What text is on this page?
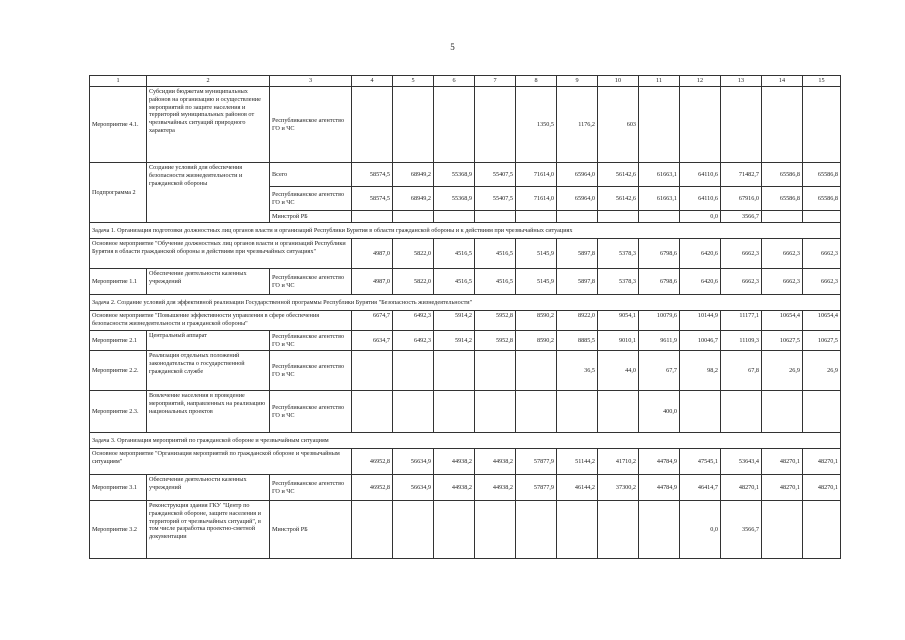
5
1	2	3	4	5	6	7	8	9	10	11	12	13	14	15
Мероприятие 4.1.	Субсидии бюджетам муниципальных районов на организацию и осуществление мероприятий по защите населения и территорий муниципальных районов от чрезвычайных ситуаций природного характера	Республиканское агентство ГО и ЧС					1350,5	1176,2	603					
Подпрограмма 2	Создание условий для обеспечения безопасности жизнедеятельности и гражданской обороны	Всего	58574,5	68949,2	55368,9	55407,5	71614,0	65964,0	56142,6	61663,1	64110,6	71482,7	65586,8	65586,8
		Республиканское агентство ГО и ЧС	58574,5	68949,2	55368,9	55407,5	71614,0	65964,0	56142,6	61663,1	64110,6	67916,0	65586,8	65586,8
		Минстрой РБ									0,0	3566,7		
Задача 1. Организация подготовки должностных лиц органов власти и организаций Республики Бурятия в области гражданской обороны и к действиям при чрезвычайных ситуациях														
Основное мероприятие "Обучение должностных лиц органов власти и организаций Республики Бурятия в области гражданской обороны и действиям при чрезвычайных ситуациях"			4987,0	5822,0	4516,5	4516,5	5145,9	5897,8	5378,3	6798,6	6420,6	6662,3	6662,3	6662,3
Мероприятие 1.1	Обеспечение деятельности казенных учреждений	Республиканское агентство ГО и ЧС	4987,0	5822,0	4516,5	4516,5	5145,9	5897,8	5378,3	6798,6	6420,6	6662,3	6662,3	6662,3
Задача 2. Создание условий для эффективной реализации Государственной программы Республики Бурятия "Безопасность жизнедеятельности"														
Основное мероприятие "Повышение эффективности управления в сфере обеспечения безопасности жизнедеятельности и гражданской обороны"			6674,7	6492,3	5914,2	5952,8	8590,2	8922,0	9054,1	10079,6	10144,9	11177,1	10654,4	10654,4
Мероприятие 2.1	Центральный аппарат	Республиканское агентство ГО и ЧС	6634,7	6492,3	5914,2	5952,8	8590,2	8885,5	9010,1	9611,9	10046,7	11109,3	10627,5	10627,5
Мероприятие 2.2.	Реализация отдельных положений законодательства о государственной гражданской службе	Республиканское агентство ГО и ЧС						36,5	44,0	67,7	98,2	67,8	26,9	26,9
Мероприятие 2.3.	Вовлечение населения в проведение мероприятий, направленных на реализацию национальных проектов	Республиканское агентство ГО и ЧС								400,0				
Задача 3. Организация мероприятий по гражданской обороне и чрезвычайным ситуациям														
Основное мероприятие "Организация мероприятий по гражданской обороне и чрезвычайным ситуациям"			46952,8	56634,9	44938,2	44938,2	57877,9	51144,2	41710,2	44784,9	47545,1	53643,4	48270,1	48270,1
Мероприятие 3.1	Обеспечение деятельности казенных учреждений	Республиканское агентство ГО и ЧС	46952,8	56634,9	44938,2	44938,2	57877,9	46144,2	37300,2	44784,9	46414,7	48270,1	48270,1	48270,1
Мероприятие 3.2	Реконструкция здания ГКУ "Центр по гражданской обороне, защите населения и территорий от чрезвычайных ситуаций", в том числе разработка проектно-сметной документации	Минстрой РБ									0,0	3566,7		
